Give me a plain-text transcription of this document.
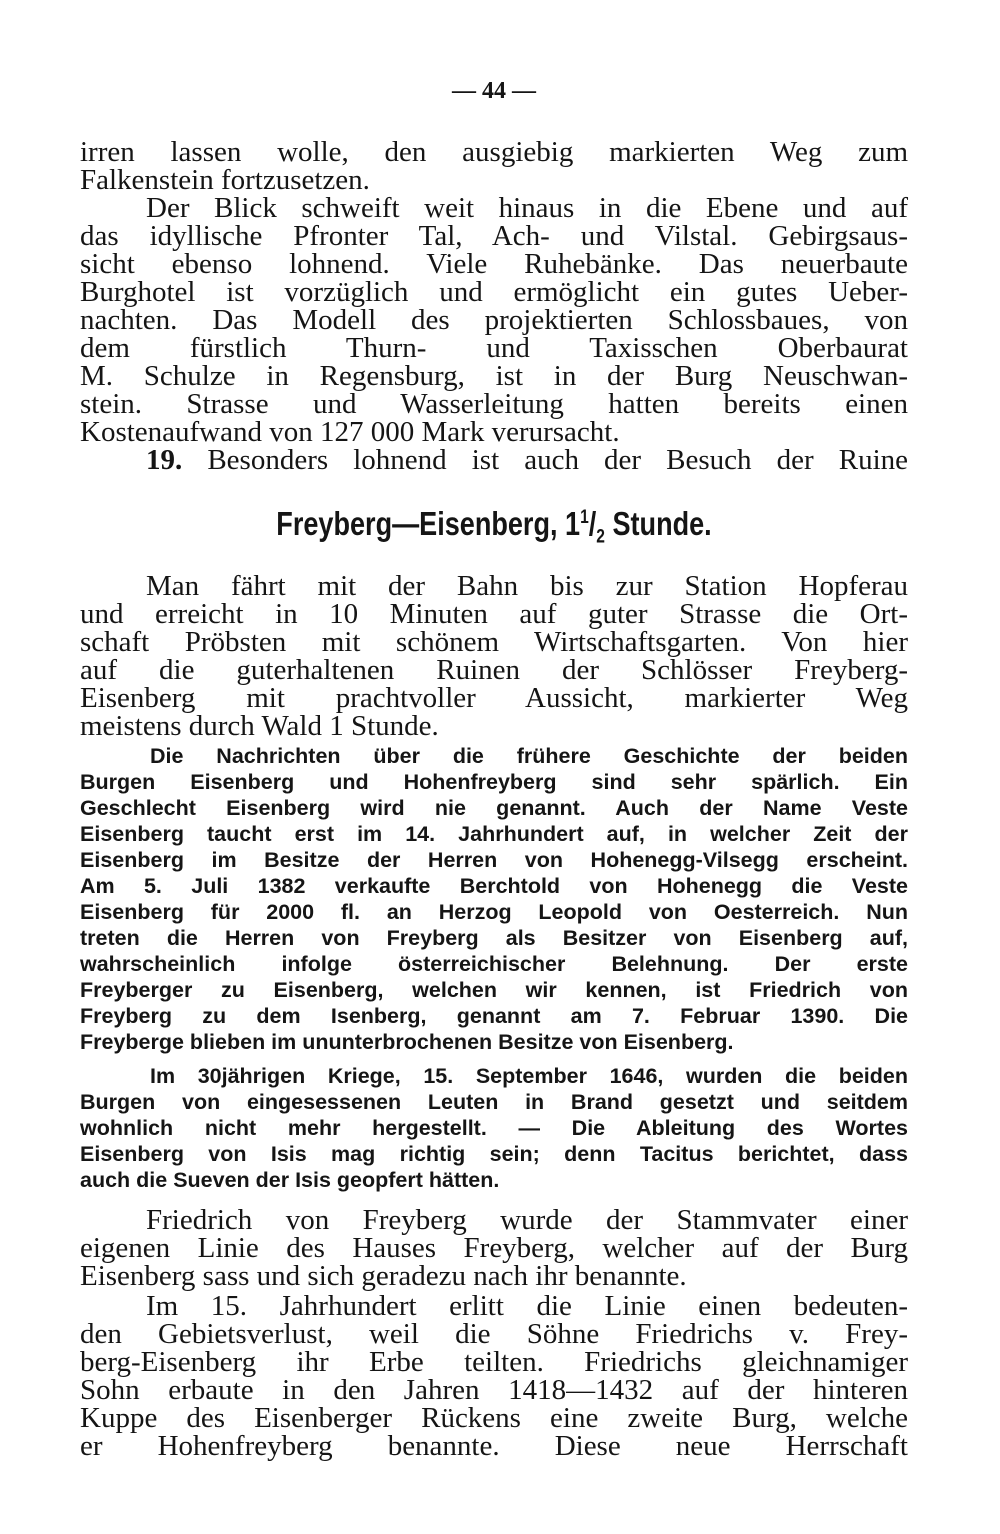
— 44 —
irren lassen wolle, den ausgiebig markierten Weg zum
Falkenstein fortzusetzen.
Der Blick schweift weit hinaus in die Ebene und auf
das idyllische Pfronter Tal, Ach- und Vilstal. Gebirgsaus-
sicht ebenso lohnend. Viele Ruhebänke. Das neuerbaute
Burghotel ist vorzüglich und ermöglicht ein gutes Ueber-
nachten. Das Modell des projektierten Schlossbaues, von
dem fürstlich Thurn- und Taxisschen Oberbaurat
M. Schulze in Regensburg, ist in der Burg Neuschwan-
stein. Strasse und Wasserleitung hatten bereits einen
Kostenaufwand von 127 000 Mark verursacht.
19. Besonders lohnend ist auch der Besuch der Ruine
Freyberg—Eisenberg, $1^1/_2$ Stunde.
Man fährt mit der Bahn bis zur Station Hopferau
und erreicht in 10 Minuten auf guter Strasse die Ort-
schaft Pröbsten mit schönem Wirtschaftsgarten. Von hier
auf die guterhaltenen Ruinen der Schlösser Freyberg-
Eisenberg mit prachtvoller Aussicht, markierter Weg
meistens durch Wald 1 Stunde.
Die Nachrichten über die frühere Geschichte der beiden
Burgen Eisenberg und Hohenfreyberg sind sehr spärlich. Ein
Geschlecht Eisenberg wird nie genannt. Auch der Name Veste
Eisenberg taucht erst im 14. Jahrhundert auf, in welcher Zeit der
Eisenberg im Besitze der Herren von Hohenegg-Vilsegg erscheint.
Am 5. Juli 1382 verkaufte Berchtold von Hohenegg die Veste
Eisenberg für 2000 fl. an Herzog Leopold von Oesterreich. Nun
treten die Herren von Freyberg als Besitzer von Eisenberg auf,
wahrscheinlich infolge österreichischer Belehnung. Der erste
Freyberger zu Eisenberg, welchen wir kennen, ist Friedrich von
Freyberg zu dem Isenberg, genannt am 7. Februar 1390. Die
Freyberge blieben im ununterbrochenen Besitze von Eisenberg.
Im 30jährigen Kriege, 15. September 1646, wurden die beiden
Burgen von eingesessenen Leuten in Brand gesetzt und seitdem
wohnlich nicht mehr hergestellt. — Die Ableitung des Wortes
Eisenberg von Isis mag richtig sein; denn Tacitus berichtet, dass
auch die Sueven der Isis geopfert hätten.
Friedrich von Freyberg wurde der Stammvater einer
eigenen Linie des Hauses Freyberg, welcher auf der Burg
Eisenberg sass und sich geradezu nach ihr benannte.
Im 15. Jahrhundert erlitt die Linie einen bedeuten-
den Gebietsverlust, weil die Söhne Friedrichs v. Frey-
berg-Eisenberg ihr Erbe teilten. Friedrichs gleichnamiger
Sohn erbaute in den Jahren 1418—1432 auf der hinteren
Kuppe des Eisenberger Rückens eine zweite Burg, welche
er Hohenfreyberg benannte. Diese neue Herrschaft
